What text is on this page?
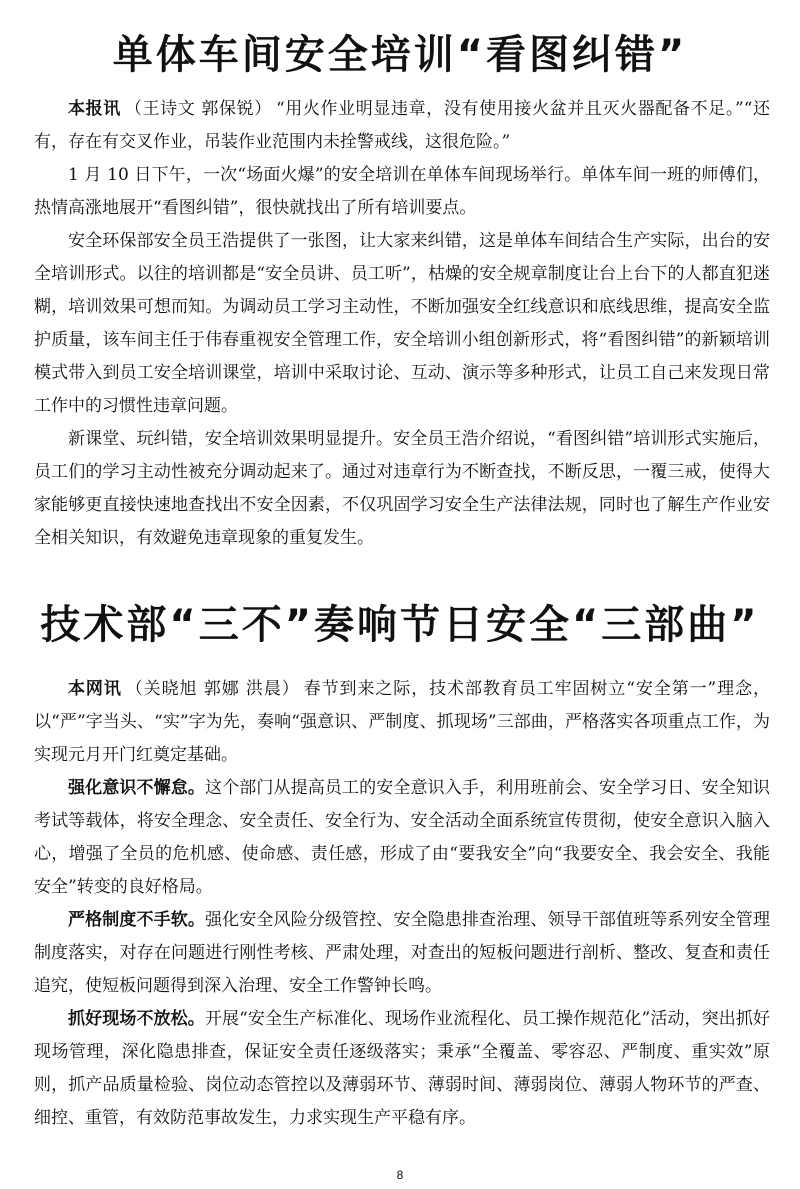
单体车间安全培训“看图纠错”

本报讯 （王诗文 郭保锐） “用火作业明显违章，没有使用接火盆并且灭火器配备不足。”“还有，存在有交叉作业，吊装作业范围内未拴警戒线，这很危险。”

1 月 10 日下午，一次“场面火爆”的安全培训在单体车间现场举行。单体车间一班的师傅们，热情高涨地展开“看图纠错”，很快就找出了所有培训要点。

安全环保部安全员王浩提供了一张图，让大家来纠错，这是单体车间结合生产实际，出台的安全培训形式。以往的培训都是“安全员讲、员工听”，枯燥的安全规章制度让台上台下的人都直犯迷糊，培训效果可想而知。为调动员工学习主动性，不断加强安全红线意识和底线思维，提高安全监护质量，该车间主任于伟春重视安全管理工作，安全培训小组创新形式，将“看图纠错”的新颖培训模式带入到员工安全培训课堂，培训中采取讨论、互动、演示等多种形式，让员工自己来发现日常工作中的习惯性违章问题。

新课堂、玩纠错，安全培训效果明显提升。安全员王浩介绍说，“看图纠错”培训形式实施后，员工们的学习主动性被充分调动起来了。通过对违章行为不断查找，不断反思，一覆三戒，使得大家能够更直接快速地查找出不安全因素，不仅巩固学习安全生产法律法规，同时也了解生产作业安全相关知识，有效避免违章现象的重复发生。

技术部“三不”奏响节日安全“三部曲”

本网讯 （关晓旭 郭娜 洪晨） 春节到来之际，技术部教育员工牢固树立“安全第一”理念，以“严”字当头、“实”字为先，奏响“强意识、严制度、抓现场”三部曲，严格落实各项重点工作，为实现元月开门红奠定基础。

强化意识不懈怠。这个部门从提高员工的安全意识入手，利用班前会、安全学习日、安全知识考试等载体，将安全理念、安全责任、安全行为、安全活动全面系统宣传贯彻，使安全意识入脑入心，增强了全员的危机感、使命感、责任感，形成了由“要我安全”向“我要安全、我会安全、我能安全”转变的良好格局。

严格制度不手软。强化安全风险分级管控、安全隐患排查治理、领导干部值班等系列安全管理制度落实，对存在问题进行刚性考核、严肃处理，对查出的短板问题进行剖析、整改、复查和责任追究，使短板问题得到深入治理、安全工作警钟长鸣。

抓好现场不放松。开展“安全生产标准化、现场作业流程化、员工操作规范化”活动，突出抓好现场管理，深化隐患排查，保证安全责任逐级落实；秉承“全覆盖、零容忍、严制度、重实效”原则，抓产品质量检验、岗位动态管控以及薄弱环节、薄弱时间、薄弱岗位、薄弱人物环节的严查、细控、重管，有效防范事故发生，力求实现生产平稳有序。

8
